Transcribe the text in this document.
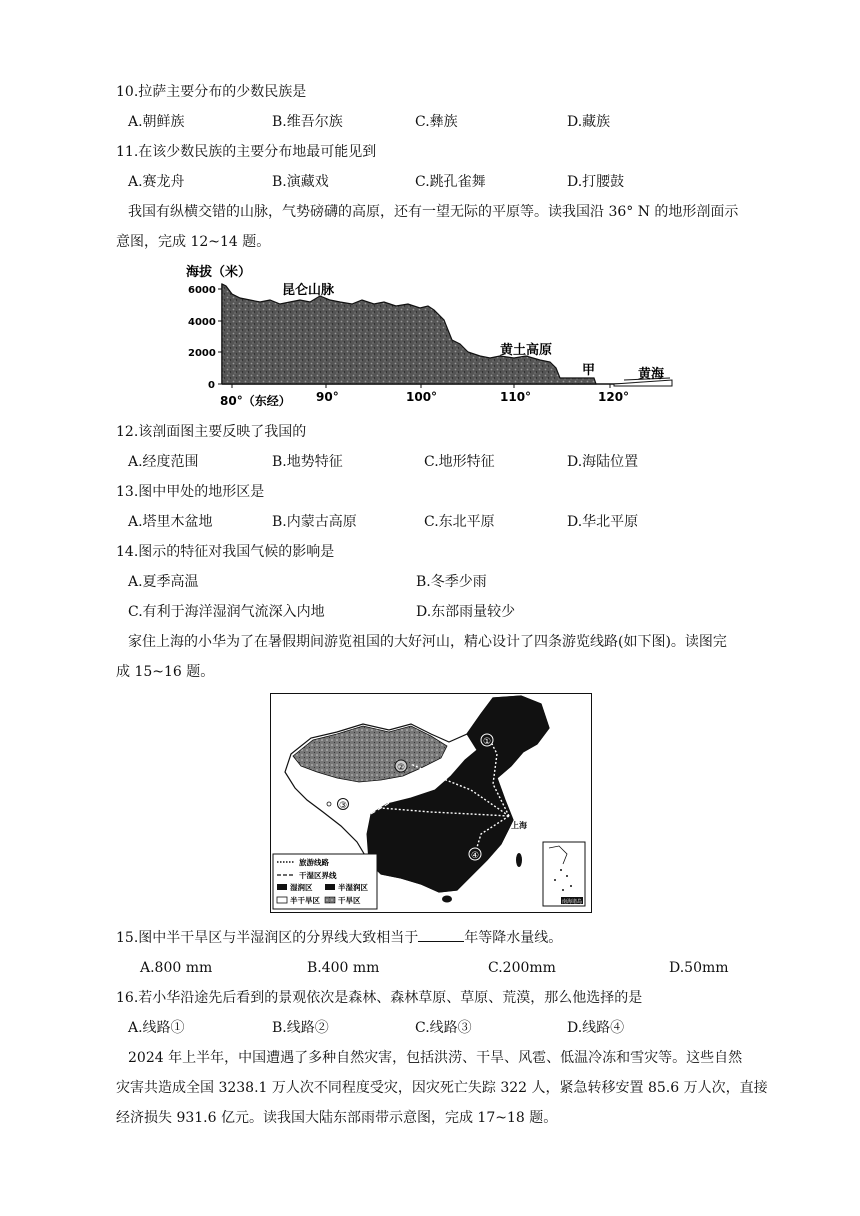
10.拉萨主要分布的少数民族是
A.朝鲜族	B.维吾尔族	C.彝族	D.藏族
11.在该少数民族的主要分布地最可能见到
A.赛龙舟	B.演藏戏	C.跳孔雀舞	D.打腰鼓
我国有纵横交错的山脉，气势磅礴的高原，还有一望无际的平原等。读我国沿 36° N 的地形剖面示
意图，完成 12~14 题。
海拔（米）
6000
4000
2000
0
80°（东经） 90°	100°	110°	120°
昆仑山脉
黄土高原
甲	黄海
12.该剖面图主要反映了我国的
A.经度范围	B.地势特征	C.地形特征	D.海陆位置
13.图中甲处的地形区是
A.塔里木盆地	B.内蒙古高原	C.东北平原	D.华北平原
14.图示的特征对我国气候的影响是
A.夏季高温	B.冬季少雨
C.有利于海洋湿润气流深入内地	D.东部雨量较少
家住上海的小华为了在暑假期间游览祖国的大好河山，精心设计了四条游览线路(如下图)。读图完
成 15~16 题。
①
②
③
④
上海
南海诸岛
旅游线路
干湿区界线
湿润区	半湿润区
半干旱区 干旱区
15.图中半干旱区与半湿润区的分界线大致相当于	年等降水量线。
A.800 mm	B.400 mm	C.200mm	D.50mm
16.若小华沿途先后看到的景观依次是森林、森林草原、草原、荒漠，那么他选择的是
A.线路①	B.线路②	C.线路③	D.线路④
2024 年上半年，中国遭遇了多种自然灾害，包括洪涝、干旱、风雹、低温冷冻和雪灾等。这些自然
灾害共造成全国 3238.1 万人次不同程度受灾，因灾死亡失踪 322 人，紧急转移安置 85.6 万人次，直接
经济损失 931.6 亿元。读我国大陆东部雨带示意图，完成 17~18 题。
